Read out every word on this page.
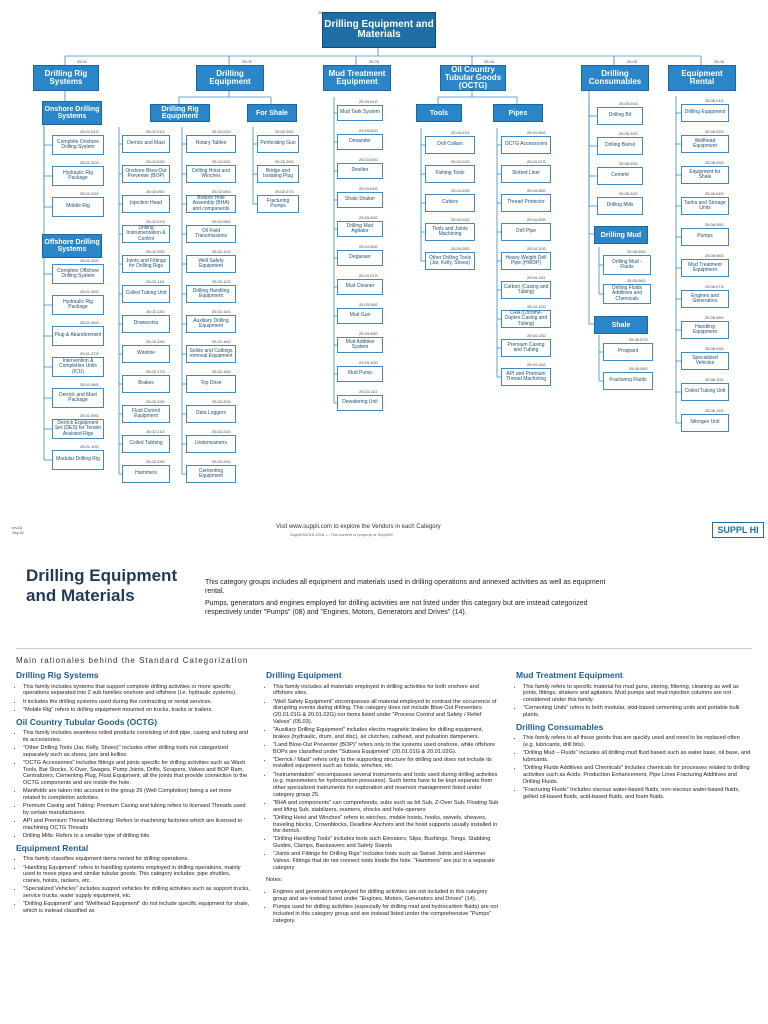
25
Drilling Equipment and Materials
25.01
Drilling Rig Systems
25.02
Drilling Equipment
25.03
Mud Treatment Equipment
25.04
Oil Country Tubular Goods (OCTG)
25.05
Drilling Consumables
25.06
Equipment Rental
Onshore Drilling Systems
25.01.01G
Complete Onshore Drilling System
25.01.02G
Hydraulic Rig Package
25.01.03G
Mobile Rig
Offshore Drilling Systems
25.01.04G
Complete Offshore Drilling System
25.01.05G
Hydraulic Rig Package
25.01.06G
Plug & Abandonment
25.01.07G
Intervention & Completion Units (ICU)
25.01.08G
Derrick and Mast Package
25.01.09G
Derrick Equipment Set (DES) for Tender Assisted Rigs
25.01.10G
Modular Drilling Rig
Drilling Rig Equipment	For Shale
25.02.01G
Derrick and Mast
25.02.03G
Onshore Blow-Out Preventer (BOP)
25.02.05G
Injection Head
25.02.07G
Drilling Instrumentation & Control
25.02.09G
Joints and Fittings for Drilling Rigs
25.02.11G
Coiled Tubing Unit
25.02.13G
Drawworks
25.02.15G
Wireline
25.02.17G
Brakes
25.02.19G
Fluid Control Equipment
25.02.21G
Coiled Tubbing
25.02.23G
Hammers
25.02.02G
Rotary Tables
25.02.04G
Drilling Hoist and Winches
25.02.06G
Bottom Hole Assembly (BHA) and components
25.02.08G
Oil Field Transmissions
25.02.10G
Well Safety Equipment
25.02.12G
Drilling Handling Equipment
25.02.14G
Auxiliary Drilling Equipment
25.02.16G
Solids and Cuttings removal Equipment
25.02.18G
Top Drive
25.02.20G
Data Loggers
25.02.22G
Underreamers
25.02.24G
Cementing Equipment
25.02.25G
Perforating Gun
25.02.26G
Bridge and Isolating Plug
25.02.27G
Fracturing Pumps
25.03.01G
Mud Tank System
25.03.02G
Desander
25.03.03G
Desilter
25.03.04G
Shale Shaker
25.03.05G
Drilling Mud Agitator
25.03.06G
Degasser
25.03.07G
Mud Cleaner
25.03.08G
Mud Gun
25.03.09G
Mud Additive System
25.03.10G
Mud Pump
25.03.11G
Dewatering Unit
Tools	Pipes
25.04.01G
Drill Collars
25.04.02G
Fishing Tools
25.04.03G
Cutters
25.04.04G
Tools and Joints Machining
25.04.05G
Other Drilling Tools (Jar, Kelly, Shoes)
25.04.06G
OCTG Accessories
25.04.07G
Slotted Liner
25.04.08G
Thread Protector
25.04.09G
Drill Pipe
25.04.10G
Heavy Weight Drill Pipe (HWDP)
25.04.11G
Carbon (Casing and Tubing)
25.04.12G
CRA (Chrome-Duplex Casing and Tubing)
25.04.13G
Premium Casing and Tubing
25.04.14G
API and Premium Thread Machining
25.05.01G
Drilling Bit
25.05.02G
Drilling Barrel
25.05.03G
Cement
25.05.04G
Drilling Mills
Drilling Mud
25.05.05G
Drilling Mud - Fluids
25.05.06G
Drilling Fluids Additives and Chemicals
Shale
25.05.07G
Proppant
25.05.08G
Fracturing Fluids
25.06.01G
Drilling Equipment
25.06.02G
Wellhead Equipment
25.06.03G
Equipment for Shale
25.06.04G
Tanks and Storage Units
25.06.05G
Pumps
25.06.06G
Mud Treatment Equipment
25.06.07G
Engines and Generators
25.06.08G
Handling Equipment
25.06.09G
Specialized Vehicles
25.06.10G
Coiled Tubing Unit
25.06.11G
Nitrogen Unit
rev18
Sep18
Visit www.suppli.com to explore the Vendors in each Category
SuppliHI2015-2018 — This content is property of SuppliHI	SUPPL HI
Drilling Equipment and Materials

This category groups includes all equipment and materials used in drilling operations and annexed activities as well as equipment rental.

Pumps, generators and engines employed for drilling activities are not listed under this category but are instead categorized respectively under "Pumps" (08) and "Engines, Motors, Generators and Drives" (14).

Main rationales behind the Standard Categorization
Drilling Rig Systems
• This family includes systems that support complete drilling activities or more specific operations separated into 2 sub families onshore and offshore (i.e. hydraulic systems).
• It includes the drilling systems used during the contracting or rental services.
• "Mobile Rig" refers to drilling equipment mounted on trucks, tracks or trailers.
Oil Country Tubular Goods (OCTG)
• This family includes seamless rolled products consisting of drill pipe, casing and tubing and its accessories.
• "Other Drilling Tools (Jar, Kelly, Shoes)" includes other drilling tools not categorized separately such as shoes, jars and kellies.
• "OCTG Accessories" includes fittings and joints specific for drilling activities such as Wash Tools, Bar Stocks, X-Over, Swages, Pump Joints, Drifts, Scrapers, Valves and BOP Ram, Centralizers, Cementing Plug, Float Equipment, all the joints that provide connection to the OCTG components and are inside the hole.
• Manifolds are taken into account in the group 29 (Well Completion) being a set more related to completion activities.
• Premium Casing and Tubing: Premium Casing and tubing refers to licensed Threads used by certain manufacturers
• API and Premium Thread Machining: Refers to machining factories which are licensed to machining OCTG Threads
• Drilling Mills: Refers to a smaller type of drilling bits
Equipment Rental
• This family classifies equipment items rented for drilling operations.
• "Handling Equipment" refers to handling systems employed in drilling operations, mainly used to move pipes and similar tubular goods. This category includes: pipe shuttles, cranes, hoists, rackers, etc.
• "Specialized Vehicles" includes support vehicles for drilling activities such as support trucks, service trucks, water supply equipment, etc.
• "Drilling Equipment" and "Wellhead Equipment" do not include specific equipment for shale, which is instead classified as
Drilling Equipment
• This family includes all materials employed in drilling activities for both onshore and offshore sites.
• "Well Safety Equipment" encompasses all material employed to contrast the occurrence of disrupting events during drilling. This category does not include Blow Out Preventers (20.01.01G & 20.01.02G) nor items listed under "Process Control and Safety / Relief Valves" (05.03).
• "Auxiliary Drilling Equipment" includes electro magnetic brakes for drilling equipment, brakes (hydraulic, drum, and disc), air clutches, cathead, and pulsation dampeners.
• "Land Blow-Out Preventer (BOP)" refers only to the systems used onshore, while offshore BOPs are classified under "Subsea Equipment" (20.01.01G & 20.01.02G).
• "Derrick / Mast" refers only to the supporting structure for drilling and does not include its installed equipment such as hoists, winches, etc.
• "Instrumentation" encompasses several instruments and tools used during drilling activities (e.g. manometers for hydrocarbon pressures). Such items have to be kept separate from other specialized instruments for exploration and reservoir management listed under category group 25.
• "BHA and components" can comprehends, subs such as bit Sub, Z-Over Sub, Floating Sub and lifting Sub, stabilizers, reamers, shocks and hole-openers
• "Drilling Hoist and Winches" refers to winches, mobile hoists, hooks, swivels, sheaves, traveling blocks, Crownblocks, Deadline Anchors and the hoist supports usually installed in the derrick.
• "Drilling Handling Tools" includes tools such Elevators, Slips, Bushings, Tongs, Stabbing Guides, Clamps, Backsavers and Safety Stands
• "Joints and Fittings for Drilling Rigs" includes tools such as Swivel Joints and Hammer Valves. Fittings that do not connect tools inside the hole. "Hammers" are put in a separate category

Notes:

• Engines and generators employed for drilling activities are not included in this category group and are instead listed under "Engines, Motors, Generators and Drives" (14).
• Pumps used for drilling activities (especially for drilling mud and hydrocarbon fluids) are not included in this category group and are instead listed under the comprehensive "Pumps" category
Mud Treatment Equipment
• This family refers to specific material for mud guns, storing, filtering, cleaning as well as joints, fittings, shakers and agitators. Mud pumps and mud injection columns are not considered under this family.
• "Cementing Units" refers to both modular, skid-based cementing units and portable bulk plants.
Drilling Consumables
• This family refers to all those goods that are quickly used and need to be replaced often (e.g. lubricants, drill bits).
• "Drilling Mud – Fluids" includes all drilling mud fluid based such as water base, oil base, and lubricants.
• "Drilling Fluids Additives and Chemicals" Includes chemicals for processes related to drilling activities such as Acids, Production Enhancement, Pipe Lines Fracturing Additives and Drilling Fluids.
• "Fracturing Fluids" Includes viscous water-based fluids, non-viscous water-based fluids, gelled oil-based fluids, acid-based fluids, and foam fluids.
